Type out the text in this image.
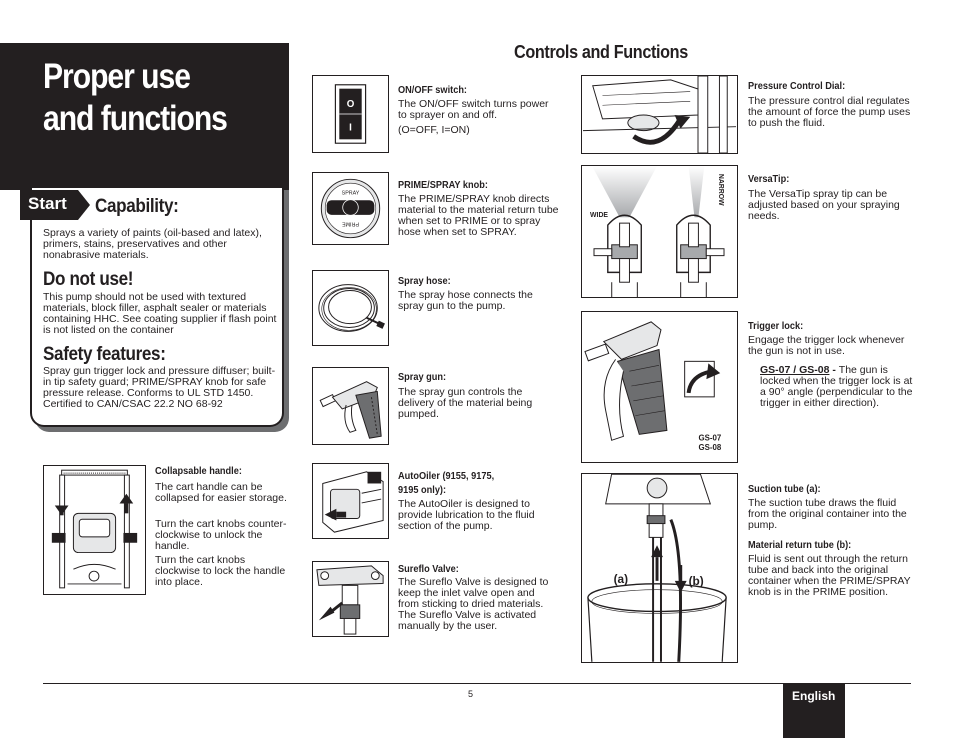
Proper use
and functions
Start Capability:
Sprays a variety of paints (oil-based and latex), primers, stains, preservatives and other nonabrasive materials.
Do not use!
This pump should not be used with textured materials, block filler, asphalt sealer or materials containing HHC. See coating supplier if flash point is not listed on the container
Safety features:
Spray gun trigger lock and pressure diffuser; built-in tip safety guard; PRIME/SPRAY knob for safe pressure release. Conforms to UL STD 1450. Certified to CAN/CSAC 22.2 NO 68-92
Controls and Functions
Collapsable handle:
The cart handle can be collapsed for easier storage.
Turn the cart knobs counter-clockwise to unlock the handle.
Turn the cart knobs clockwise to lock the handle into place.
O
I
ON/OFF switch:
The ON/OFF switch turns power to sprayer on and off.
(O=OFF, I=ON)
SPRAY
PRIME
PRIME/SPRAY knob:
The PRIME/SPRAY knob directs material to the material return tube when set to PRIME or to spray hose when set to SPRAY.
Spray hose:
The spray hose connects the spray gun to the pump.
Spray gun:
The spray gun controls the delivery of the material being pumped.
AutoOiler (9155, 9175,
9195 only):
The AutoOiler is designed to provide lubrication to the fluid section of the pump.
Sureflo Valve:
The Sureflo Valve is designed to keep the inlet valve open and from sticking to dried materials. The Sureflo Valve is activated manually by the user.
Pressure Control Dial:
The pressure control dial regulates the amount of force the pump uses to push the fluid.
WIDE
NARROW VersaTip:
The VersaTip spray tip can be adjusted based on your spraying needs.
GS-07
GS-08
Trigger lock:
Engage the trigger lock whenever the gun is not in use.
GS-07 / GS-08 - The gun is locked when the trigger lock is at a 90° angle (perpendicular to the trigger in either direction).
(a)	(b)
Suction tube (a):
The suction tube draws the fluid from the original container into the pump.
Material return tube (b):
Fluid is sent out through the return tube and back into the original container when the PRIME/SPRAY knob is in the PRIME position.
5	English
